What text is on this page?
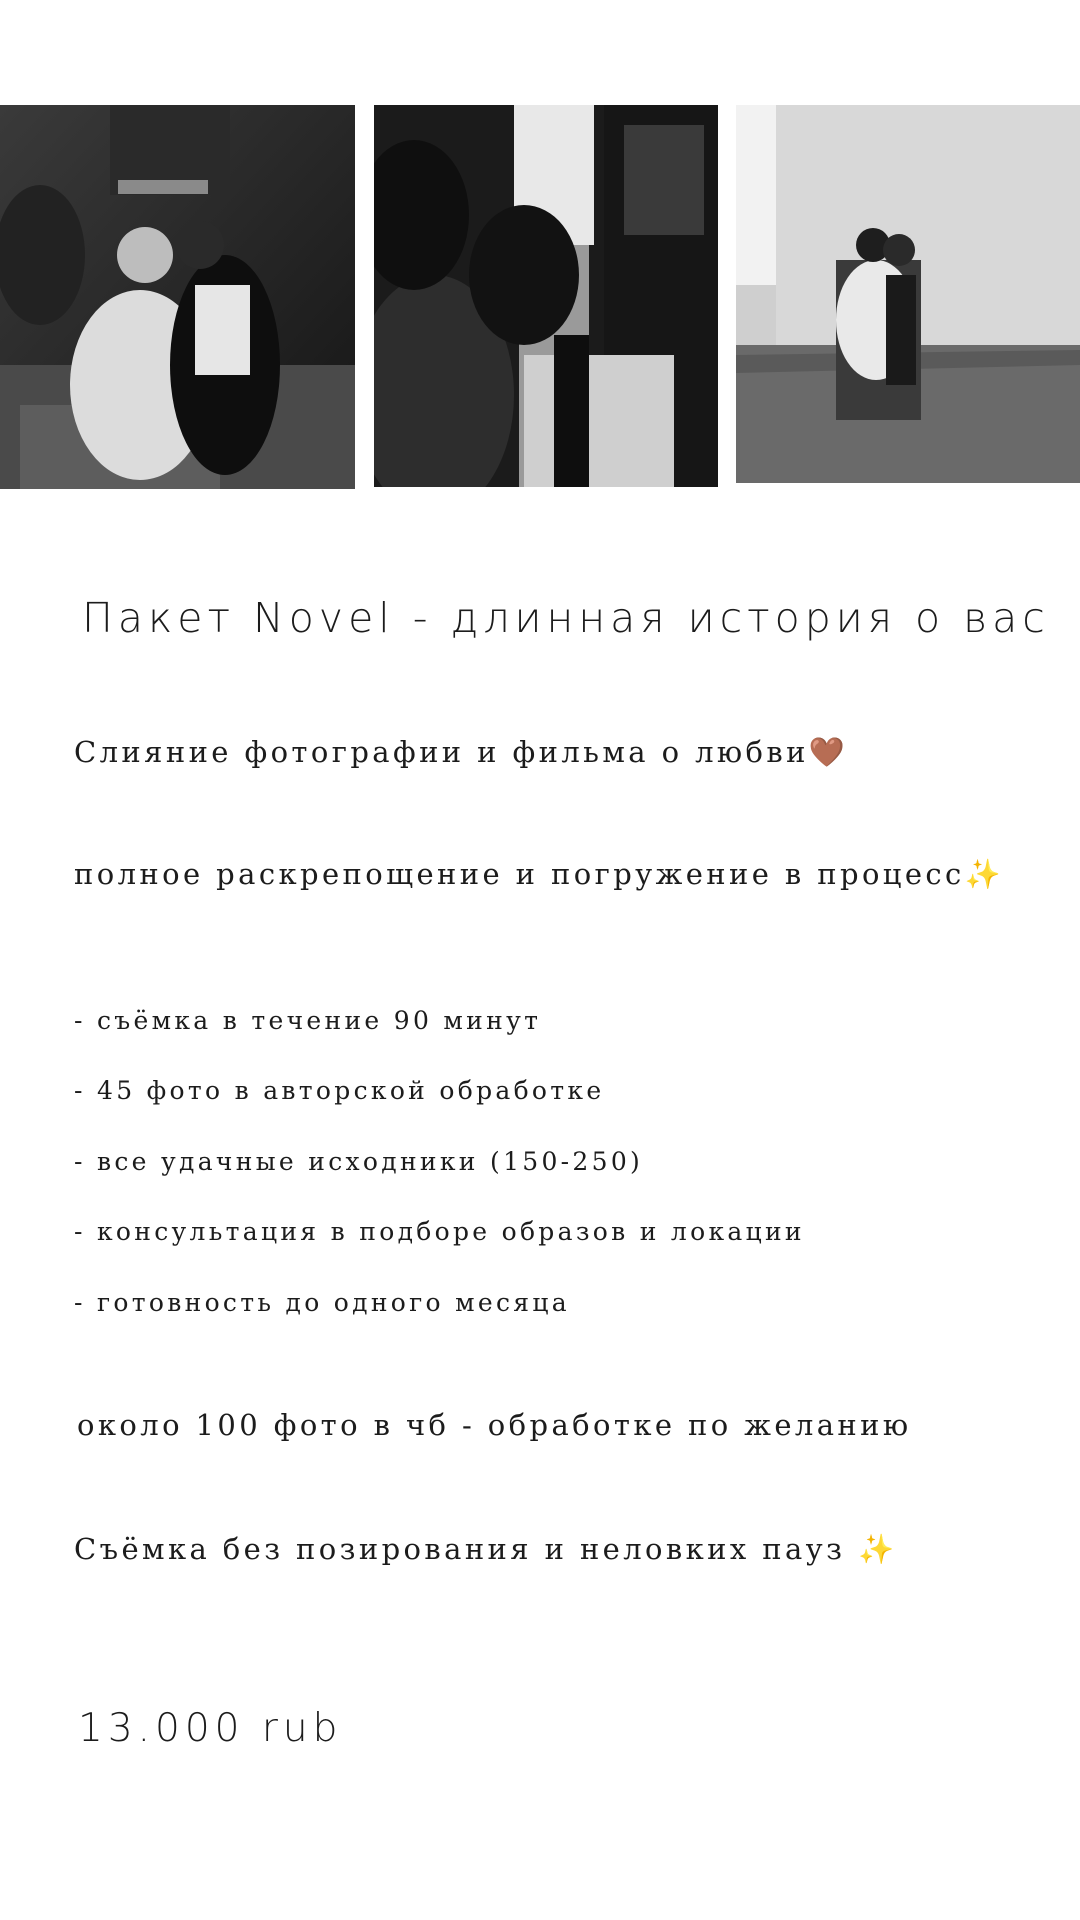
Пакет Novel - длинная история о вас
Слияние фотографии и фильма о любви🤎
полное раскрепощение и погружение в процесс✨
- съёмка в течение 90 минут
- 45 фото в авторской обработке
- все удачные исходники (150-250)
- консультация в подборе образов и локации
- готовность до одного месяца
около 100 фото в чб - обработке по желанию
Съёмка без позирования и неловких пауз ✨
13.000 rub
